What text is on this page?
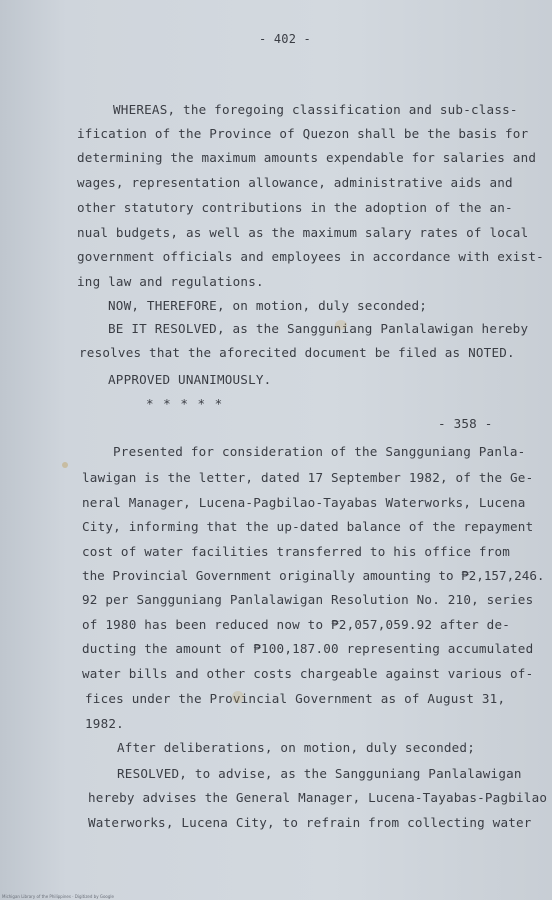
- 402 -
WHEREAS, the foregoing classification and sub-class-
ification of the Province of Quezon shall be the basis for
determining the maximum amounts expendable for salaries and
wages, representation allowance, administrative aids and
other statutory contributions in the adoption of the an-
nual budgets, as well as the maximum salary rates of local
government officials and employees in accordance with exist-
ing law and regulations.
NOW, THEREFORE, on motion, duly seconded;
BE IT RESOLVED, as the Sangguniang Panlalawigan hereby
resolves that the aforecited document be filed as NOTED.
APPROVED UNANIMOUSLY.
* * * * *
- 358 -
Presented for consideration of the Sangguniang Panla-
lawigan is the letter, dated 17 September 1982, of the Ge-
neral Manager, Lucena-Pagbilao-Tayabas Waterworks, Lucena
City, informing that the up-dated balance of the repayment
cost of water facilities transferred to his office from
the Provincial Government originally amounting to ₱2,157,246.
92 per Sangguniang Panlalawigan Resolution No. 210, series
of 1980 has been reduced now to ₱2,057,059.92 after de-
ducting the amount of ₱100,187.00 representing accumulated
water bills and other costs chargeable against various of-
fices under the Provincial Government as of August 31,
1982.
After deliberations, on motion, duly seconded;
RESOLVED, to advise, as the Sangguniang Panlalawigan
hereby advises the General Manager, Lucena-Tayabas-Pagbilao
Waterworks, Lucena City, to refrain from collecting water
Michigan Library of the Philippines · Digitized by Google
